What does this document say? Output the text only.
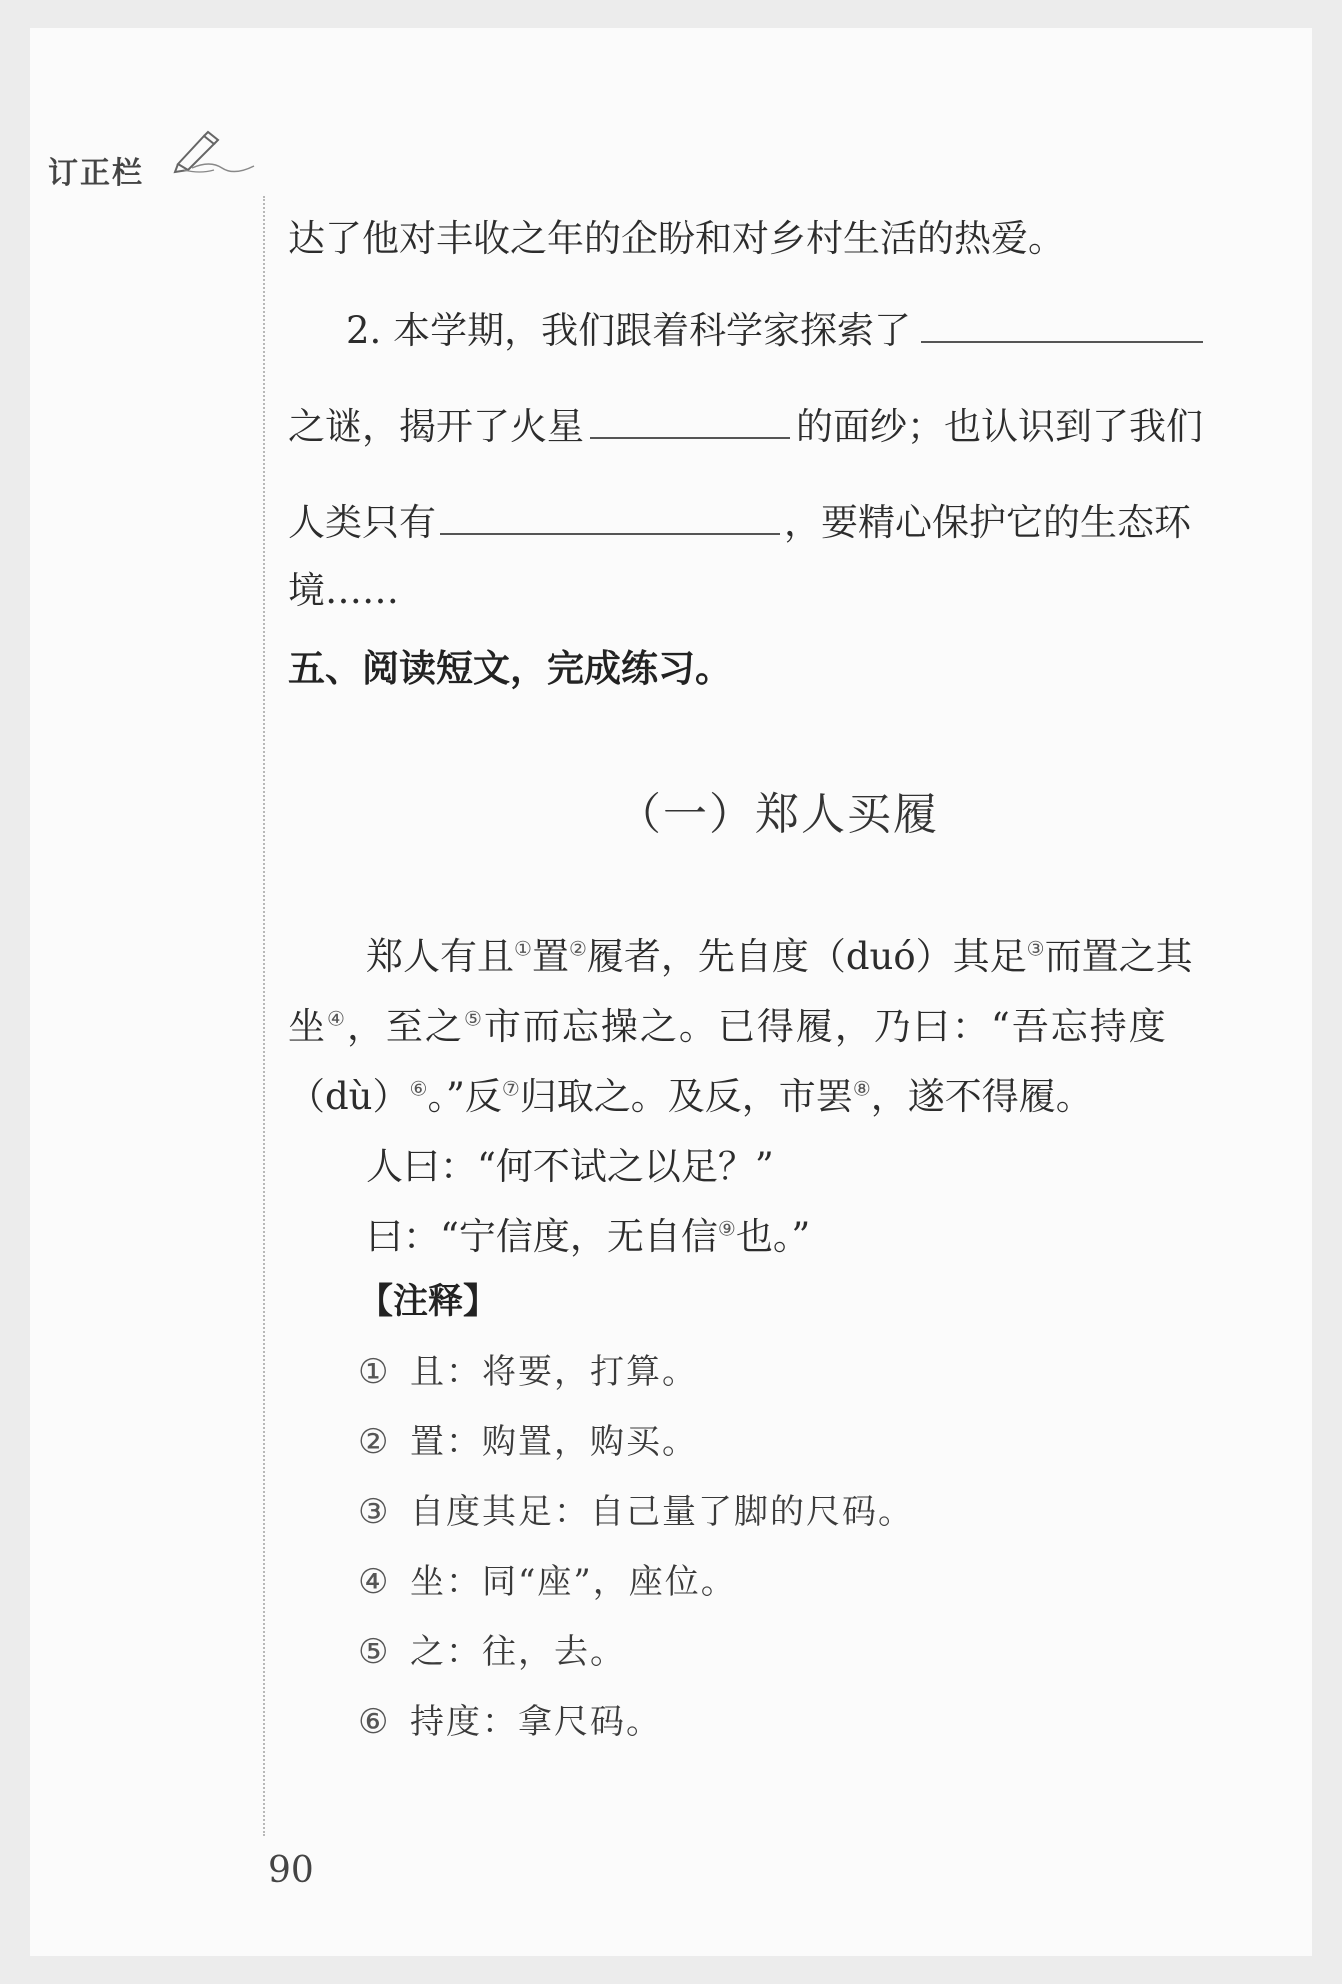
订正栏
达了他对丰收之年的企盼和对乡村生活的热爱。
2. 本学期，我们跟着科学家探索了
之谜，揭开了火星	的面纱；也认识到了我们
人类只有	，要精心保护它的生态环
境……
五、阅读短文，完成练习。
（一）郑人买履
郑人有且①置②履者，先自度（duó）其足③而置之其
坐④，至之⑤市而忘操之。已得履，乃曰：“吾忘持度
（dù）⑥。”反⑦归取之。及反，市罢⑧，遂不得履。
人曰：“何不试之以足？”
曰：“宁信度，无自信⑨也。”
【注释】
① 且：将要，打算。
② 置：购置，购买。
③ 自度其足：自己量了脚的尺码。
④ 坐：同“座”，座位。
⑤ 之：往，去。
⑥ 持度：拿尺码。
90
